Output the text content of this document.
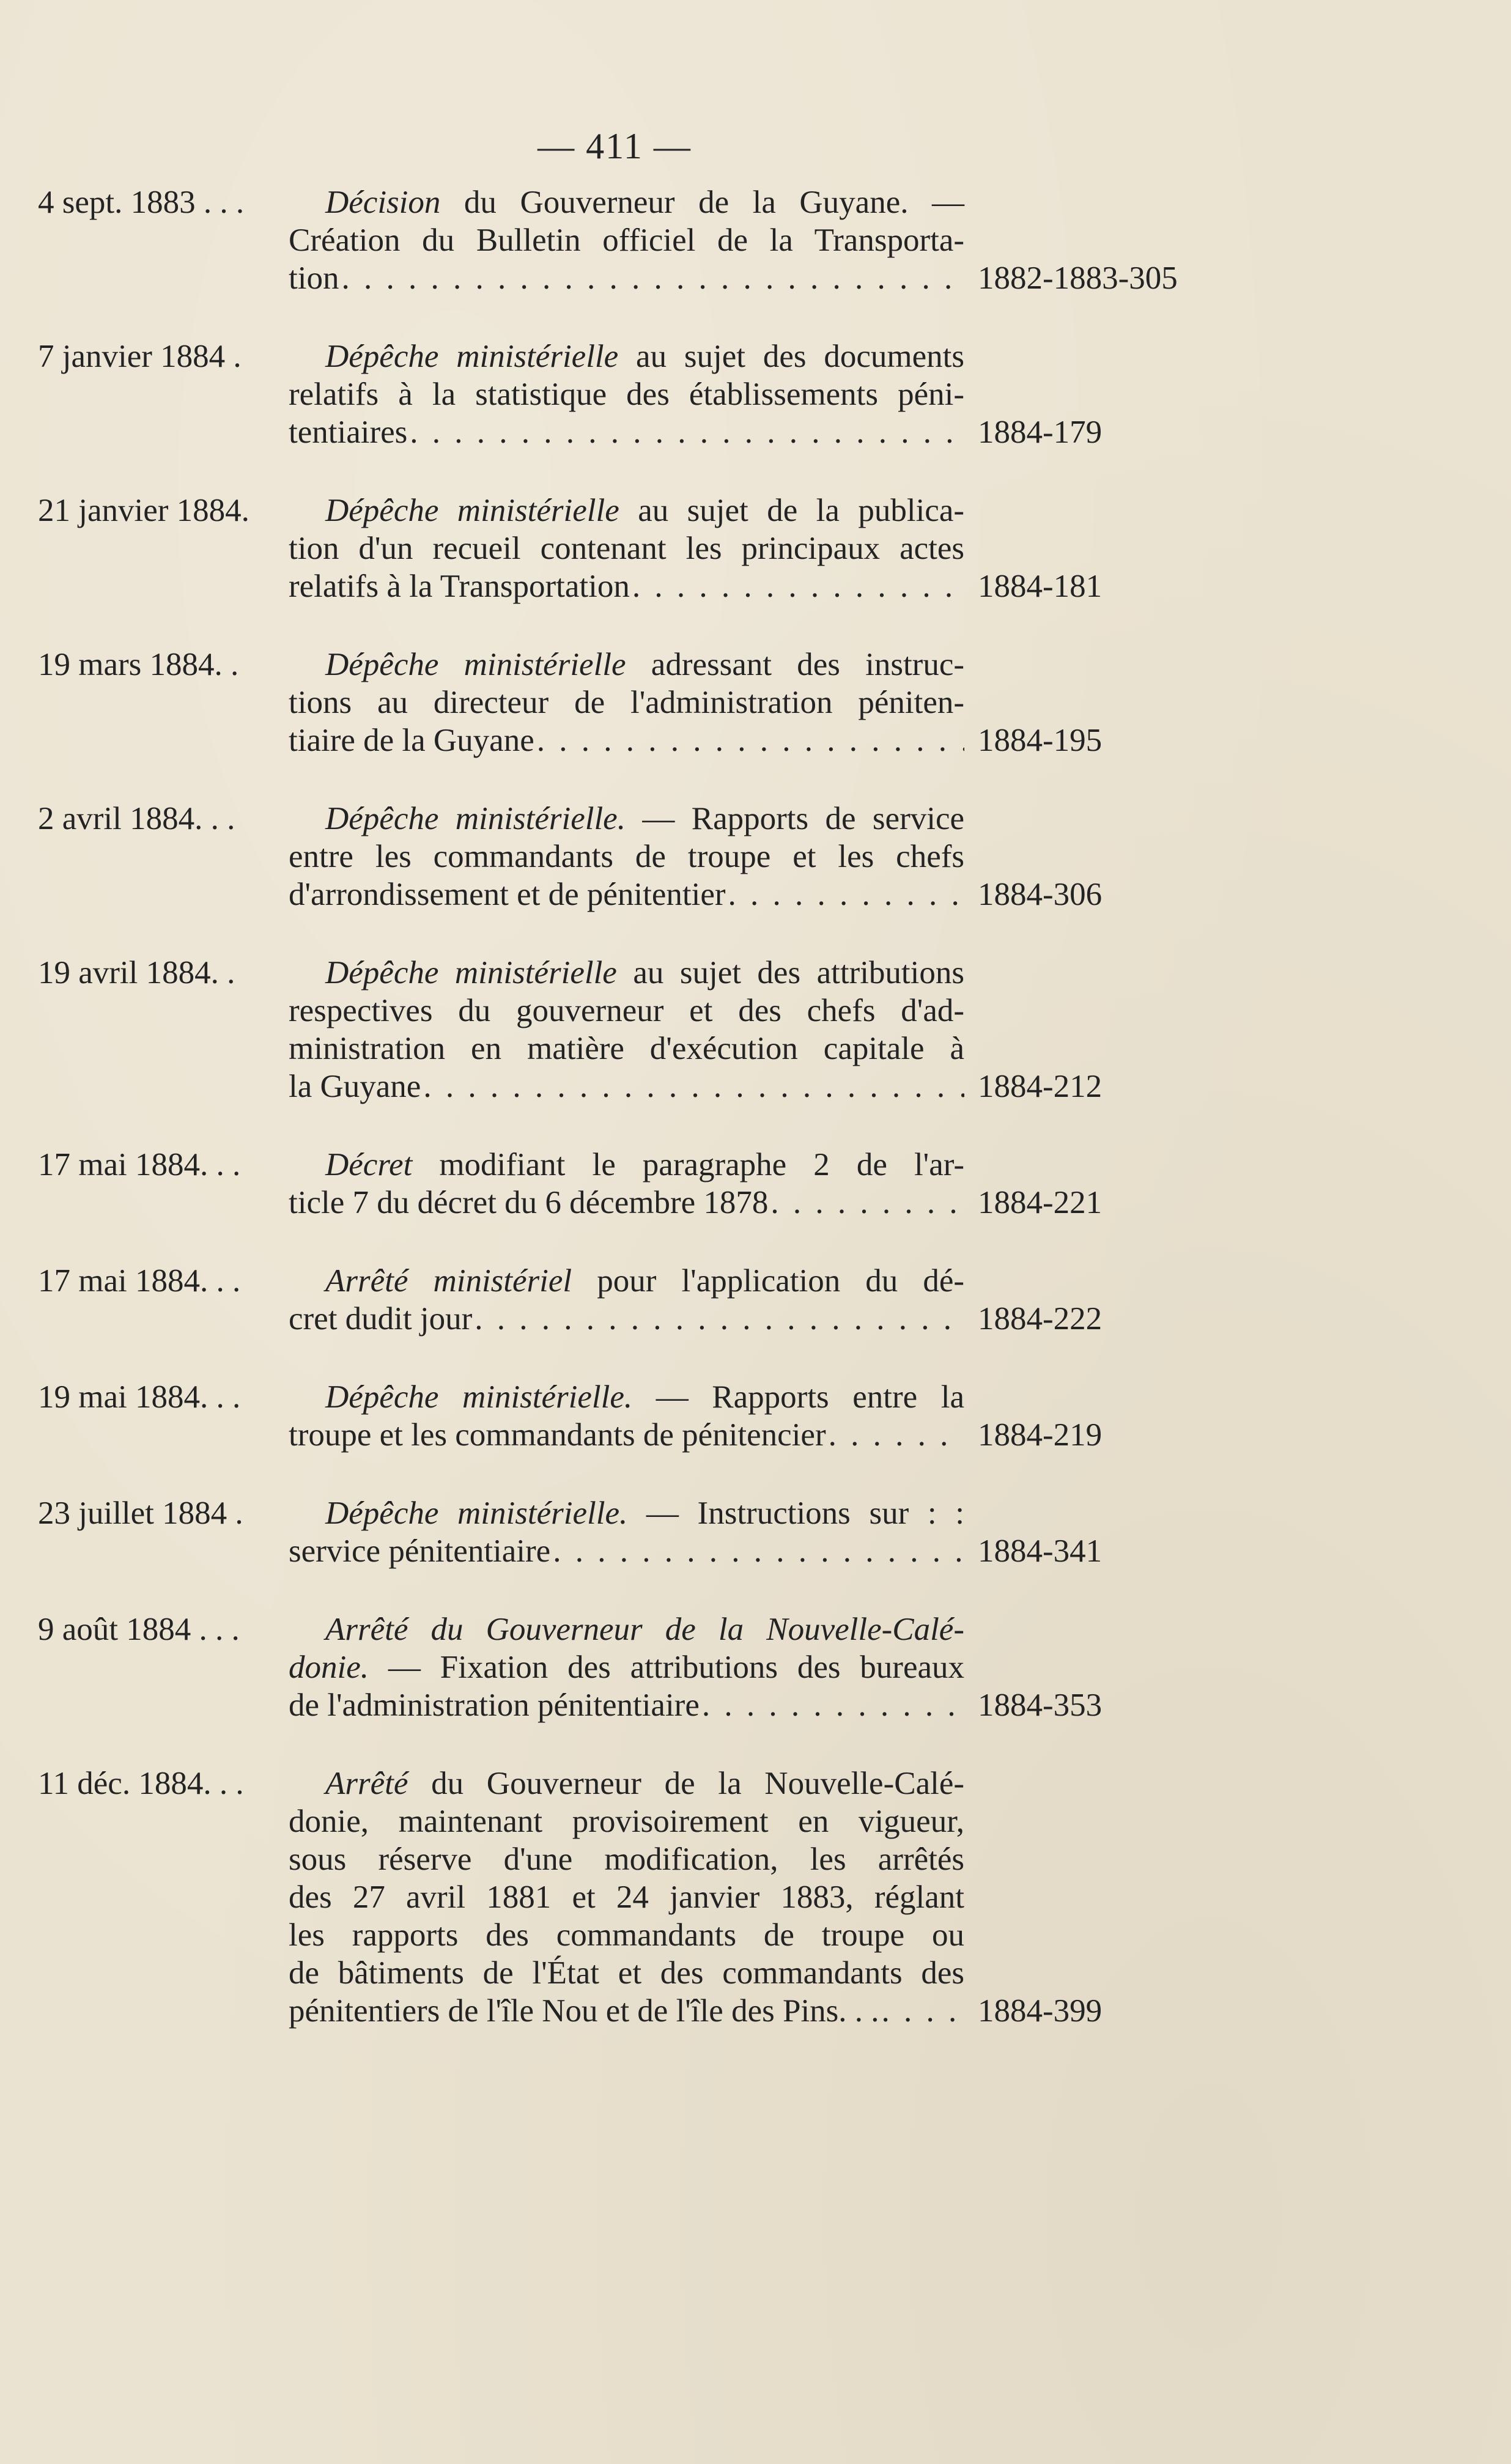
— 411 —
4 sept. 1883 . . .	Décision du Gouverneur de la Guyane. —
Création du Bulletin officiel de la Transporta-
tion . . .	1882-1883-305
7 janvier 1884 .	Dépêche ministérielle au sujet des documents
relatifs à la statistique des établissements péni-
tentiaires . . .	1884-179
21 janvier 1884.	Dépêche ministérielle au sujet de la publica-
tion d'un recueil contenant les principaux actes
relatifs à la Transportation . . .	1884-181
19 mars 1884. .	Dépêche ministérielle adressant des instruc-
tions au directeur de l'administration péniten-
tiaire de la Guyane . . .	1884-195
2 avril 1884. . .	Dépêche ministérielle. — Rapports de service
entre les commandants de troupe et les chefs
d'arrondissement et de pénitentier . . .	1884-306
19 avril 1884. .	Dépêche ministérielle au sujet des attributions
respectives du gouverneur et des chefs d'ad-
ministration en matière d'exécution capitale à
la Guyane . . .	1884-212
17 mai 1884. . .	Décret modifiant le paragraphe 2 de l'ar-
ticle 7 du décret du 6 décembre 1878 . . .	1884-221
17 mai 1884. . .	Arrêté ministériel pour l'application du dé-
cret dudit jour . . .	1884-222
19 mai 1884. . .	Dépêche ministérielle. — Rapports entre la
troupe et les commandants de pénitencier . . .	1884-219
23 juillet 1884 .	Dépêche ministérielle. — Instructions sur : :
service pénitentiaire . . .	1884-341
9 août 1884 . . .	Arrêté du Gouverneur de la Nouvelle-Calé-
donie. — Fixation des attributions des bureaux
de l'administration pénitentiaire . . .	1884-353
11 déc. 1884. . .	Arrêté du Gouverneur de la Nouvelle-Calé-
donie, maintenant provisoirement en vigueur,
sous réserve d'une modification, les arrêtés
des 27 avril 1881 et 24 janvier 1883, réglant
les rapports des commandants de troupe ou
de bâtiments de l'État et des commandants des
pénitentiers de l'île Nou et de l'île des Pins. . . . . .	1884-399
